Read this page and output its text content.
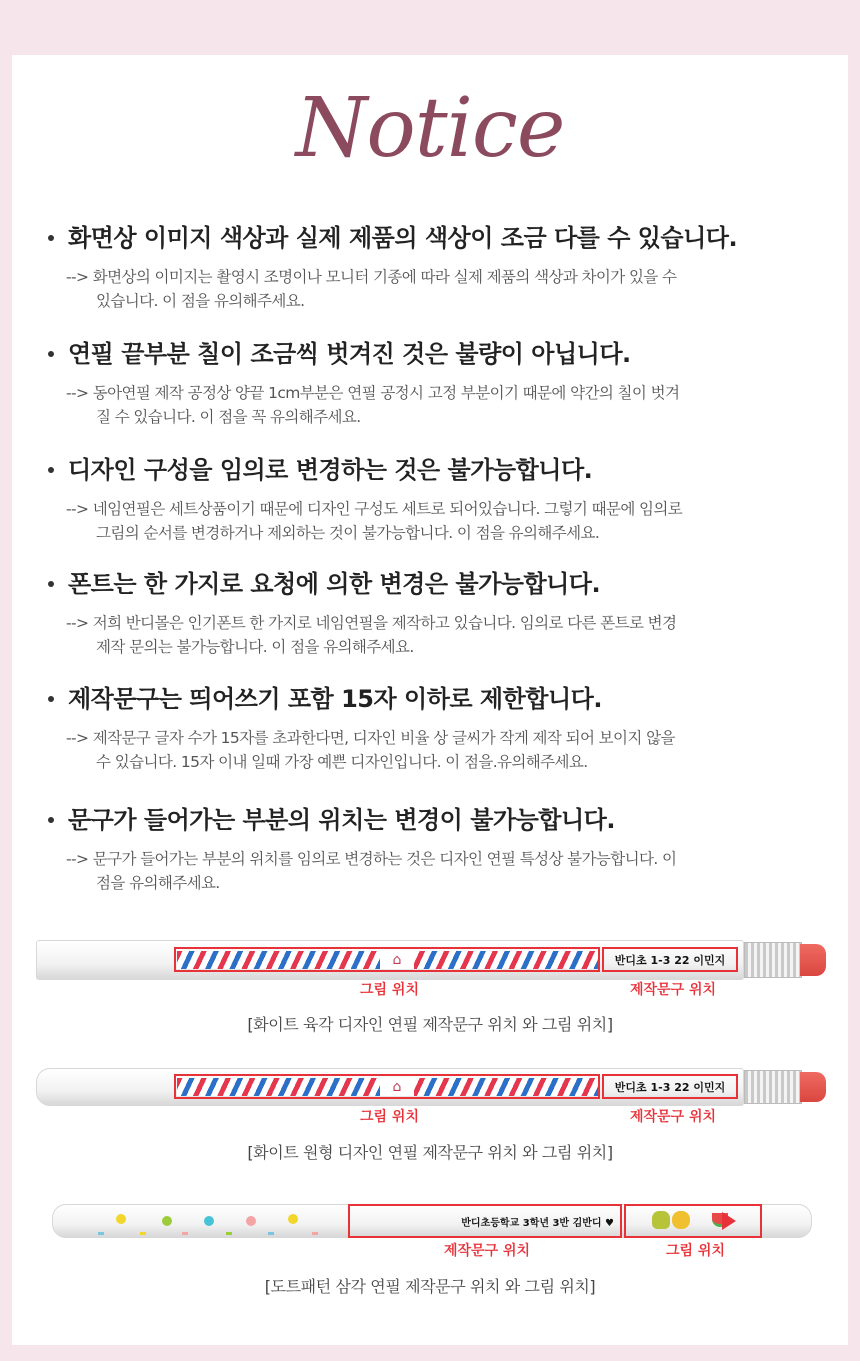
Notice
화면상 이미지 색상과 실제 제품의 색상이 조금 다를 수 있습니다.
--> 화면상의 이미지는 촬영시 조명이나 모니터 기종에 따라 실제 제품의 색상과 차이가 있을 수
있습니다. 이 점을 유의해주세요.
연필 끝부분 칠이 조금씩 벗겨진 것은 불량이 아닙니다.
--> 동아연필 제작 공정상 양끝 1cm부분은 연필 공정시 고정 부분이기 때문에 약간의 칠이 벗겨
질 수 있습니다. 이 점을 꼭 유의해주세요.
디자인 구성을 임의로 변경하는 것은 불가능합니다.
--> 네임연필은 세트상품이기 때문에 디자인 구성도 세트로 되어있습니다. 그렇기 때문에 임의로
그림의 순서를 변경하거나 제외하는 것이 불가능합니다. 이 점을 유의해주세요.
폰트는 한 가지로 요청에 의한 변경은 불가능합니다.
--> 저희 반디몰은 인기폰트 한 가지로 네임연필을 제작하고 있습니다. 임의로 다른 폰트로 변경
제작 문의는 불가능합니다. 이 점을 유의해주세요.
제작문구는 띄어쓰기 포함 15자 이하로 제한합니다.
--> 제작문구 글자 수가 15자를 초과한다면, 디자인 비율 상 글씨가 작게 제작 되어 보이지 않을
수 있습니다. 15자 이내 일때 가장 예쁜 디자인입니다. 이 점을.유의해주세요.
문구가 들어가는 부분의 위치는 변경이 불가능합니다.
--> 문구가 들어가는 부분의 위치를 임의로 변경하는 것은 디자인 연필 특성상 불가능합니다. 이
점을 유의해주세요.
⌂	반디초 1-3 22 이민지
그림 위치	제작문구 위치
[화이트 육각 디자인 연필 제작문구 위치 와 그림 위치]
⌂	반디초 1-3 22 이민지
그림 위치	제작문구 위치
[화이트 원형 디자인 연필 제작문구 위치 와 그림 위치]
반디초등학교 3학년 3반 김반디 ♥
제작문구 위치	그림 위치
[도트패턴 삼각 연필 제작문구 위치 와 그림 위치]
